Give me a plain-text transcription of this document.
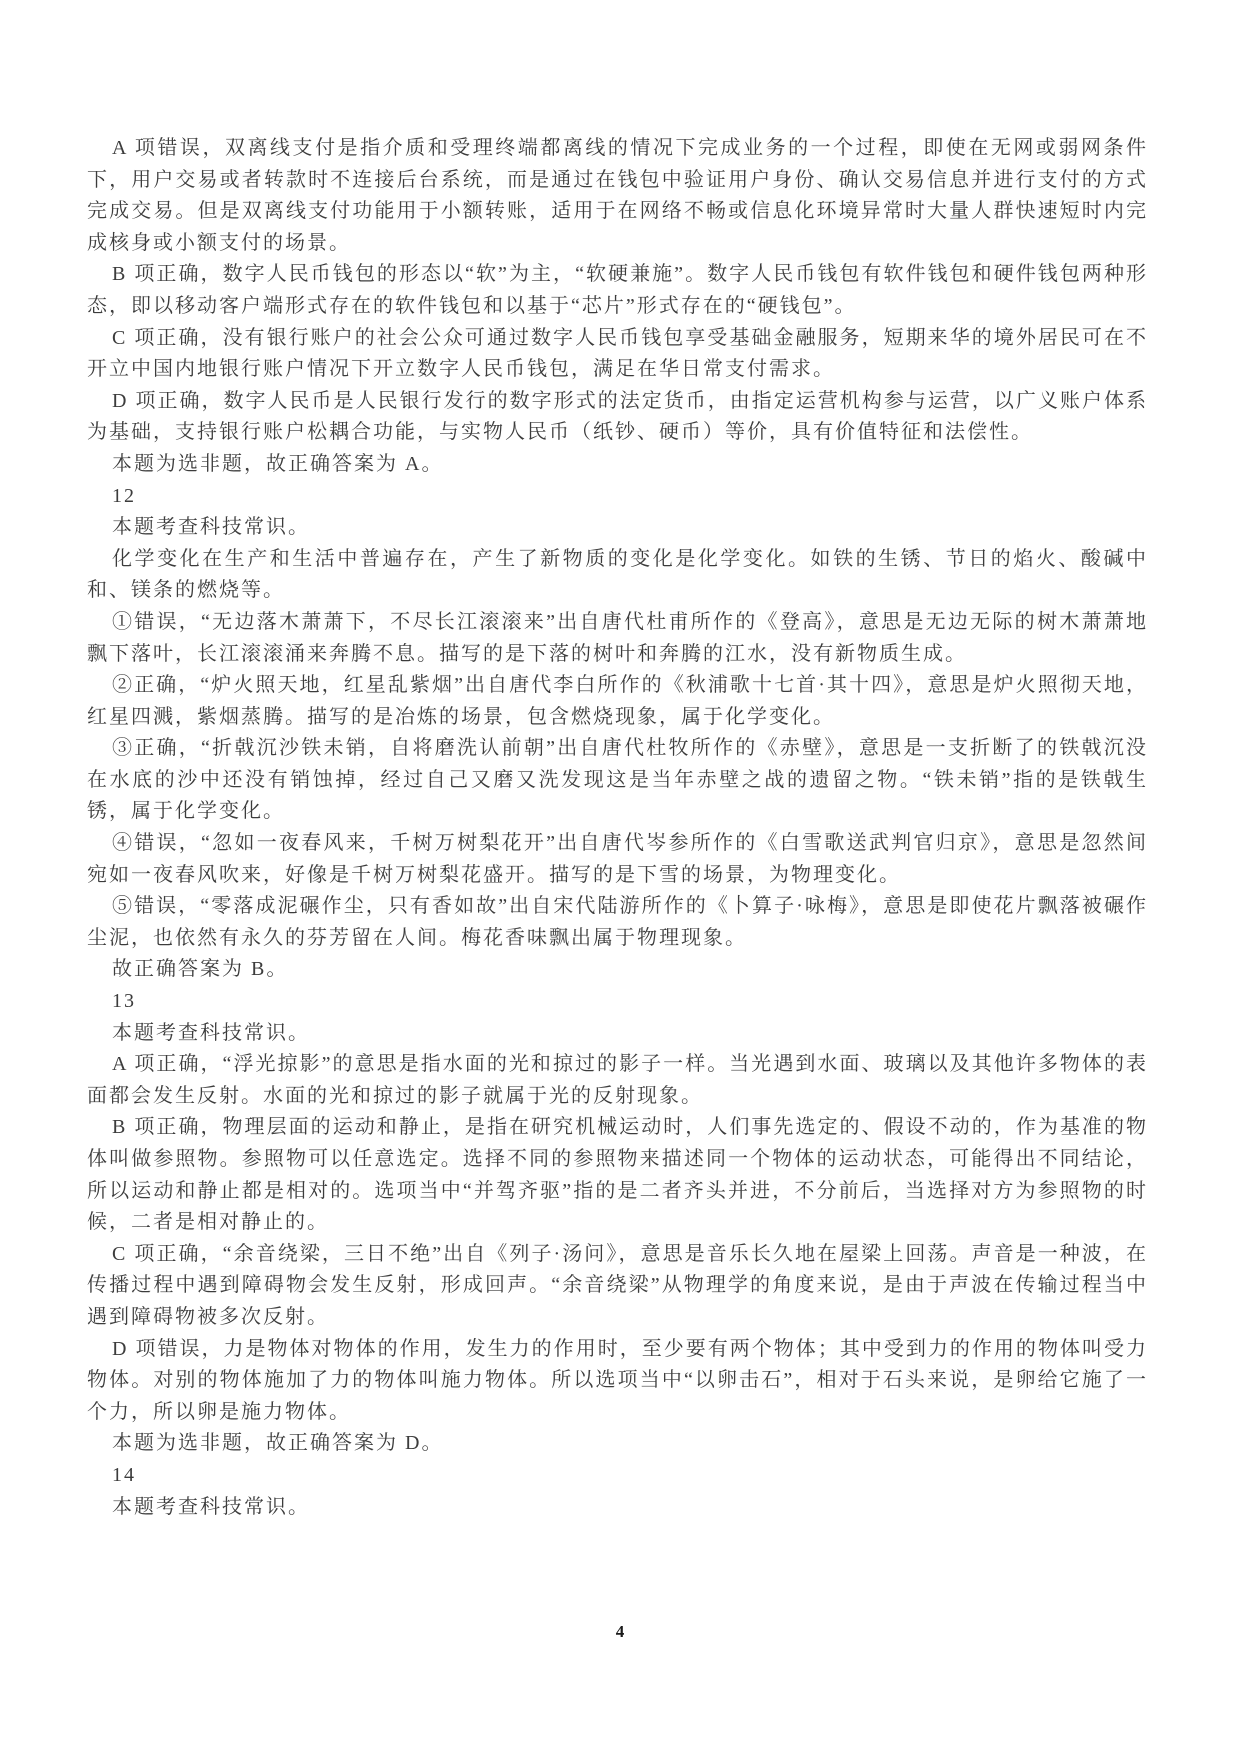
A 项错误，双离线支付是指介质和受理终端都离线的情况下完成业务的一个过程，即使在无网或弱网条件下，用户交易或者转款时不连接后台系统，而是通过在钱包中验证用户身份、确认交易信息并进行支付的方式完成交易。但是双离线支付功能用于小额转账，适用于在网络不畅或信息化环境异常时大量人群快速短时内完成核身或小额支付的场景。

B 项正确，数字人民币钱包的形态以“软”为主，“软硬兼施”。数字人民币钱包有软件钱包和硬件钱包两种形态，即以移动客户端形式存在的软件钱包和以基于“芯片”形式存在的“硬钱包”。

C 项正确，没有银行账户的社会公众可通过数字人民币钱包享受基础金融服务，短期来华的境外居民可在不开立中国内地银行账户情况下开立数字人民币钱包，满足在华日常支付需求。

D 项正确，数字人民币是人民银行发行的数字形式的法定货币，由指定运营机构参与运营，以广义账户体系为基础，支持银行账户松耦合功能，与实物人民币（纸钞、硬币）等价，具有价值特征和法偿性。

本题为选非题，故正确答案为 A。

12

本题考查科技常识。

化学变化在生产和生活中普遍存在，产生了新物质的变化是化学变化。如铁的生锈、节日的焰火、酸碱中和、镁条的燃烧等。

①错误，“无边落木萧萧下，不尽长江滚滚来”出自唐代杜甫所作的《登高》，意思是无边无际的树木萧萧地飘下落叶，长江滚滚涌来奔腾不息。描写的是下落的树叶和奔腾的江水，没有新物质生成。

②正确，“炉火照天地，红星乱紫烟”出自唐代李白所作的《秋浦歌十七首·其十四》，意思是炉火照彻天地，红星四溅，紫烟蒸腾。描写的是冶炼的场景，包含燃烧现象，属于化学变化。

③正确，“折戟沉沙铁未销，自将磨洗认前朝”出自唐代杜牧所作的《赤壁》，意思是一支折断了的铁戟沉没在水底的沙中还没有销蚀掉，经过自己又磨又洗发现这是当年赤壁之战的遗留之物。“铁未销”指的是铁戟生锈，属于化学变化。

④错误，“忽如一夜春风来，千树万树梨花开”出自唐代岑参所作的《白雪歌送武判官归京》，意思是忽然间宛如一夜春风吹来，好像是千树万树梨花盛开。描写的是下雪的场景，为物理变化。

⑤错误，“零落成泥碾作尘，只有香如故”出自宋代陆游所作的《卜算子·咏梅》，意思是即使花片飘落被碾作尘泥，也依然有永久的芬芳留在人间。梅花香味飘出属于物理现象。

故正确答案为 B。

13

本题考查科技常识。

A 项正确，“浮光掠影”的意思是指水面的光和掠过的影子一样。当光遇到水面、玻璃以及其他许多物体的表面都会发生反射。水面的光和掠过的影子就属于光的反射现象。

B 项正确，物理层面的运动和静止，是指在研究机械运动时，人们事先选定的、假设不动的，作为基准的物体叫做参照物。参照物可以任意选定。选择不同的参照物来描述同一个物体的运动状态，可能得出不同结论，所以运动和静止都是相对的。选项当中“并驾齐驱”指的是二者齐头并进，不分前后，当选择对方为参照物的时候，二者是相对静止的。

C 项正确，“余音绕梁，三日不绝”出自《列子·汤问》，意思是音乐长久地在屋梁上回荡。声音是一种波，在传播过程中遇到障碍物会发生反射，形成回声。“余音绕梁”从物理学的角度来说，是由于声波在传输过程当中遇到障碍物被多次反射。

D 项错误，力是物体对物体的作用，发生力的作用时，至少要有两个物体；其中受到力的作用的物体叫受力物体。对别的物体施加了力的物体叫施力物体。所以选项当中“以卵击石”，相对于石头来说，是卵给它施了一个力，所以卵是施力物体。

本题为选非题，故正确答案为 D。

14

本题考查科技常识。

4
